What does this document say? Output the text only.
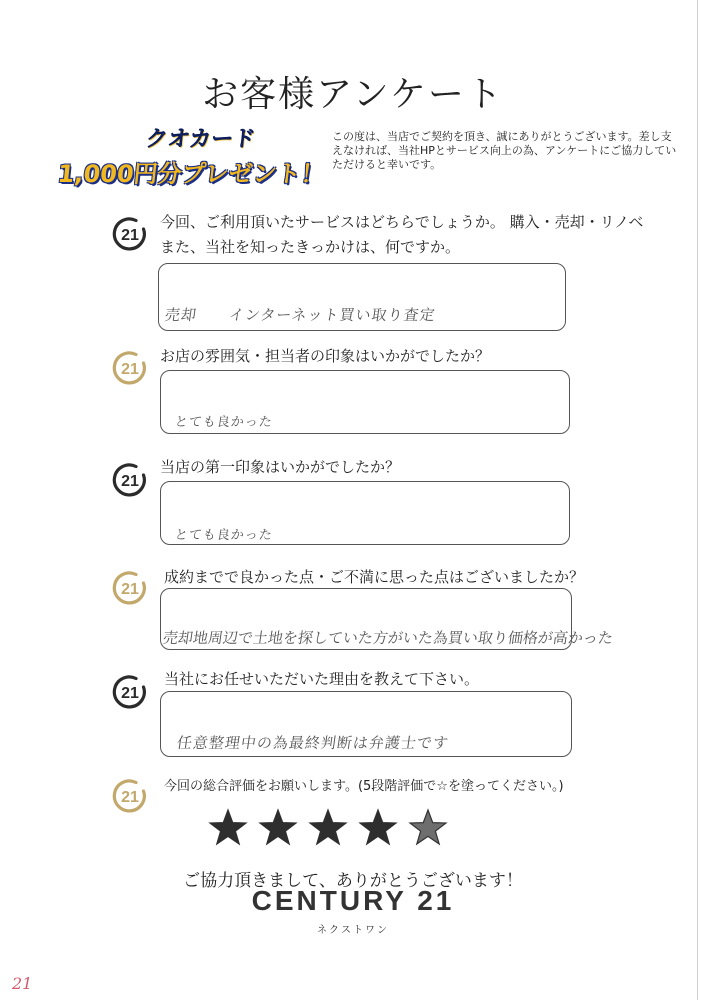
お客様アンケート
クオカード
1,000円分プレゼント！
この度は、当店でご契約を頂き、誠にありがとうございます。差し支えなければ、当社HPとサービス向上の為、アンケートにご協力していただけると幸いです。
21
今回、ご利用頂いたサービスはどちらでしょうか。 購入・売却・リノベ
また、当社を知ったきっかけは、何ですか。
売却　　インターネット買い取り査定
21
お店の雰囲気・担当者の印象はいかがでしたか？
とても良かった
21
当店の第一印象はいかがでしたか？
とても良かった
21
成約までで良かった点・ご不満に思った点はございましたか？
売却地周辺で土地を探していた方がいた為買い取り価格が高かった
21
当社にお任せいただいた理由を教えて下さい。
任意整理中の為最終判断は弁護士です
21
今回の総合評価をお願いします。(5段階評価で☆を塗ってください。)
ご協力頂きまして、ありがとうございます！
CENTURY 21
ネクストワン
21
